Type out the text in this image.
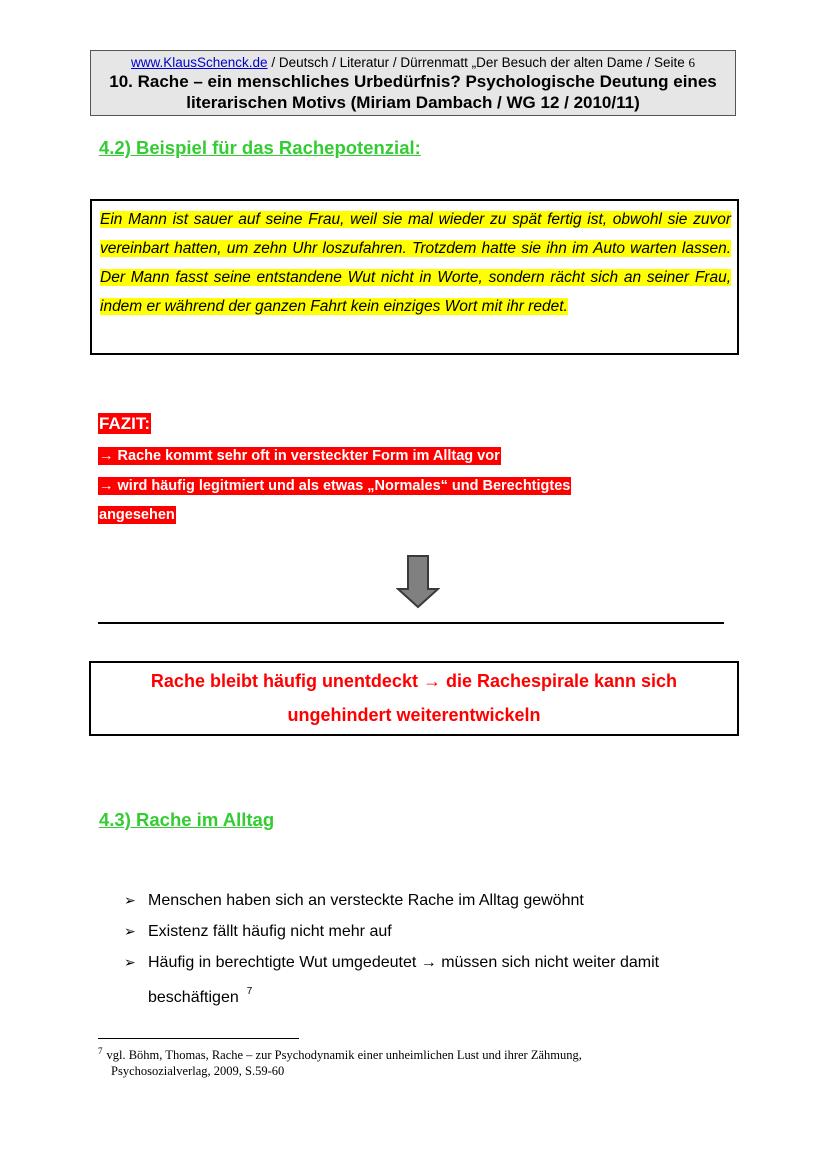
www.KlausSchenck.de / Deutsch / Literatur / Dürrenmatt „Der Besuch der alten Dame / Seite 6
10. Rache – ein menschliches Urbedürfnis? Psychologische Deutung eines
literarischen Motivs (Miriam Dambach / WG 12 / 2010/11)
4.2) Beispiel für das Rachepotenzial:

Ein Mann ist sauer auf seine Frau, weil sie mal wieder zu spät fertig ist, obwohl sie zuvor vereinbart hatten, um zehn Uhr loszufahren. Trotzdem hatte sie ihn im Auto warten lassen. Der Mann fasst seine entstandene Wut nicht in Worte, sondern rächt sich an seiner Frau, indem er während der ganzen Fahrt kein einziges Wort mit ihr redet.

FAZIT:
→ Rache kommt sehr oft in versteckter Form im Alltag vor
→ wird häufig legitmiert und als etwas „Normales“ und Berechtigtes
angesehen
Rache bleibt häufig unentdeckt → die Rachespirale kann sich
ungehindert weiterentwickeln
4.3) Rache im Alltag
➢ Menschen haben sich an versteckte Rache im Alltag gewöhnt
➢ Existenz fällt häufig nicht mehr auf
➢ Häufig in berechtigte Wut umgedeutet → müssen sich nicht weiter damit
beschäftigen $^7$
$^7$ vgl. Böhm, Thomas, Rache – zur Psychodynamik einer unheimlichen Lust und ihrer Zähmung,
Psychosozialverlag, 2009, S.59-60
